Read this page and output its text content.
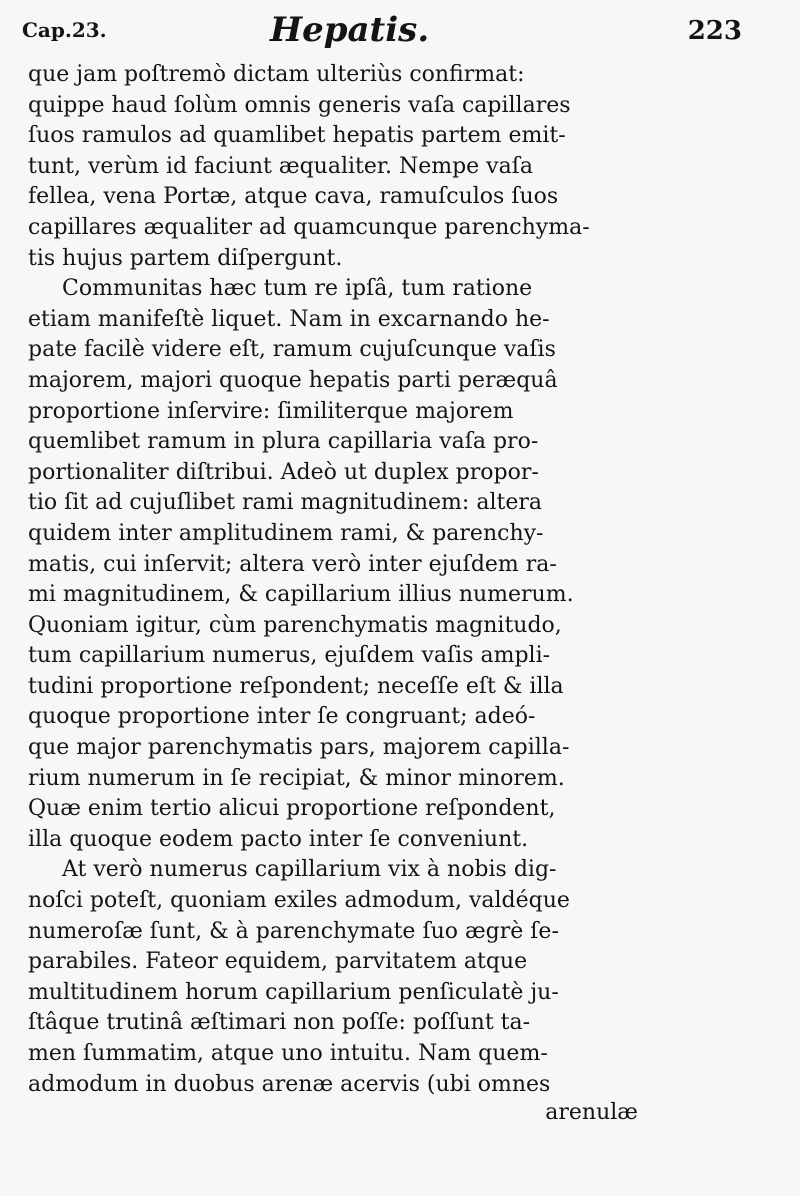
Cap.23.	Hepatis.	223
que jam poſtremò dictam ulteriùs confirmat:
quippe haud ſolùm omnis generis vaſa capillares
ſuos ramulos ad quamlibet hepatis partem emit-
tunt, verùm id faciunt æqualiter. Nempe vaſa
fellea, vena Portæ, atque cava, ramuſculos ſuos
capillares æqualiter ad quamcunque parenchyma-
tis hujus partem diſpergunt.
Communitas hæc tum re ipſâ, tum ratione
etiam manifeſtè liquet. Nam in excarnando he-
pate facilè videre eſt, ramum cujuſcunque vaſis
majorem, majori quoque hepatis parti peræquâ
proportione inſervire: ſimiliterque majorem
quemlibet ramum in plura capillaria vaſa pro-
portionaliter diſtribui. Adeò ut duplex propor-
tio ſit ad cujuſlibet rami magnitudinem: altera
quidem inter amplitudinem rami, & parenchy-
matis, cui inſervit; altera verò inter ejuſdem ra-
mi magnitudinem, & capillarium illius numerum.
Quoniam igitur, cùm parenchymatis magnitudo,
tum capillarium numerus, ejuſdem vaſis ampli-
tudini proportione reſpondent; neceſſe eſt & illa
quoque proportione inter ſe congruant; adeó-
que major parenchymatis pars, majorem capilla-
rium numerum in ſe recipiat, & minor minorem.
Quæ enim tertio alicui proportione reſpondent,
illa quoque eodem pacto inter ſe conveniunt.
At verò numerus capillarium vix à nobis dig-
noſci poteſt, quoniam exiles admodum, valdéque
numeroſæ ſunt, & à parenchymate ſuo ægrè ſe-
parabiles. Fateor equidem, parvitatem atque
multitudinem horum capillarium penſiculatè ju-
ſtâque trutinâ æſtimari non poſſe: poſſunt ta-
men ſummatim, atque uno intuitu. Nam quem-
admodum in duobus arenæ acervis (ubi omnes
arenulæ
